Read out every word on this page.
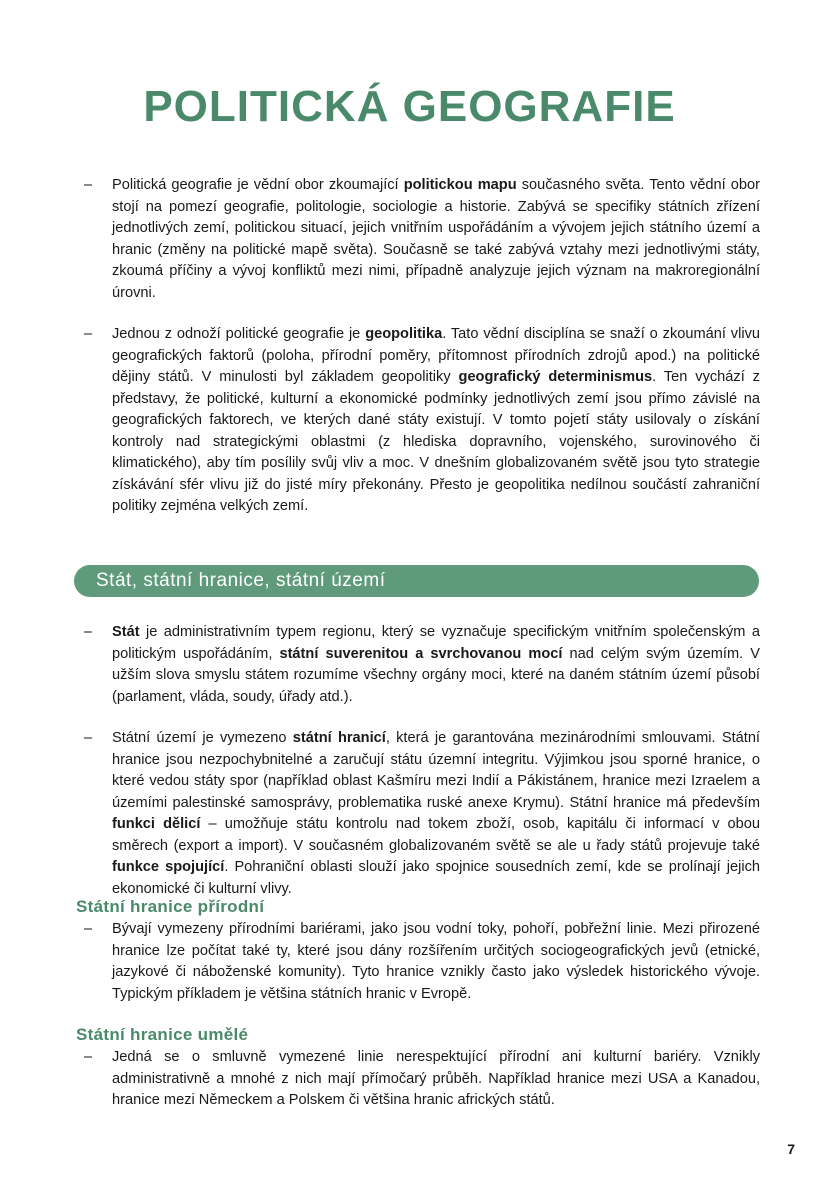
POLITICKÁ GEOGRAFIE

– Politická geografie je vědní obor zkoumající politickou mapu současného světa. Tento vědní obor stojí na pomezí geografie, politologie, sociologie a historie. Zabývá se specifiky státních zřízení jednotlivých zemí, politickou situací, jejich vnitřním uspořádáním a vývojem jejich státního území a hranic (změny na politické mapě světa). Současně se také zabývá vztahy mezi jednotlivými státy, zkoumá příčiny a vývoj konfliktů mezi nimi, případně analyzuje jejich význam na makroregionální úrovni.

– Jednou z odnoží politické geografie je geopolitika. Tato vědní disciplína se snaží o zkoumání vlivu geografických faktorů (poloha, přírodní poměry, přítomnost přírodních zdrojů apod.) na politické dějiny států. V minulosti byl základem geopolitiky geografický determinismus. Ten vychází z představy, že politické, kulturní a ekonomické podmínky jednotlivých zemí jsou přímo závislé na geografických faktorech, ve kterých dané státy existují. V tomto pojetí státy usilovaly o získání kontroly nad strategickými oblastmi (z hlediska dopravního, vojenského, surovinového či klimatického), aby tím posílily svůj vliv a moc. V dnešním globalizovaném světě jsou tyto strategie získávání sfér vlivu již do jisté míry překonány. Přesto je geopolitika nedílnou součástí zahraniční politiky zejména velkých zemí.

Stát, státní hranice, státní území

– Stát je administrativním typem regionu, který se vyznačuje specifickým vnitřním společenským a politickým uspořádáním, státní suverenitou a svrchovanou mocí nad celým svým územím. V užším slova smyslu státem rozumíme všechny orgány moci, které na daném státním území působí (parlament, vláda, soudy, úřady atd.).

– Státní území je vymezeno státní hranicí, která je garantována mezinárodními smlouvami. Státní hranice jsou nezpochybnitelné a zaručují státu územní integritu. Výjimkou jsou sporné hranice, o které vedou státy spor (například oblast Kašmíru mezi Indií a Pákistánem, hranice mezi Izraelem a územími palestinské samosprávy, problematika ruské anexe Krymu). Státní hranice má především funkci dělicí – umožňuje státu kontrolu nad tokem zboží, osob, kapitálu či informací v obou směrech (export a import). V současném globalizovaném světě se ale u řady států projevuje také funkce spojující. Pohraniční oblasti slouží jako spojnice sousedních zemí, kde se prolínají jejich ekonomické či kulturní vlivy.

Státní hranice přírodní

– Bývají vymezeny přírodními bariérami, jako jsou vodní toky, pohoří, pobřežní linie. Mezi přirozené hranice lze počítat také ty, které jsou dány rozšířením určitých sociogeografických jevů (etnické, jazykové či náboženské komunity). Tyto hranice vznikly často jako výsledek historického vývoje. Typickým příkladem je většina státních hranic v Evropě.

Státní hranice umělé

– Jedná se o smluvně vymezené linie nerespektující přírodní ani kulturní bariéry. Vznikly administrativně a mnohé z nich mají přímočarý průběh. Například hranice mezi USA a Kanadou, hranice mezi Německem a Polskem či většina hranic afrických států.

7
